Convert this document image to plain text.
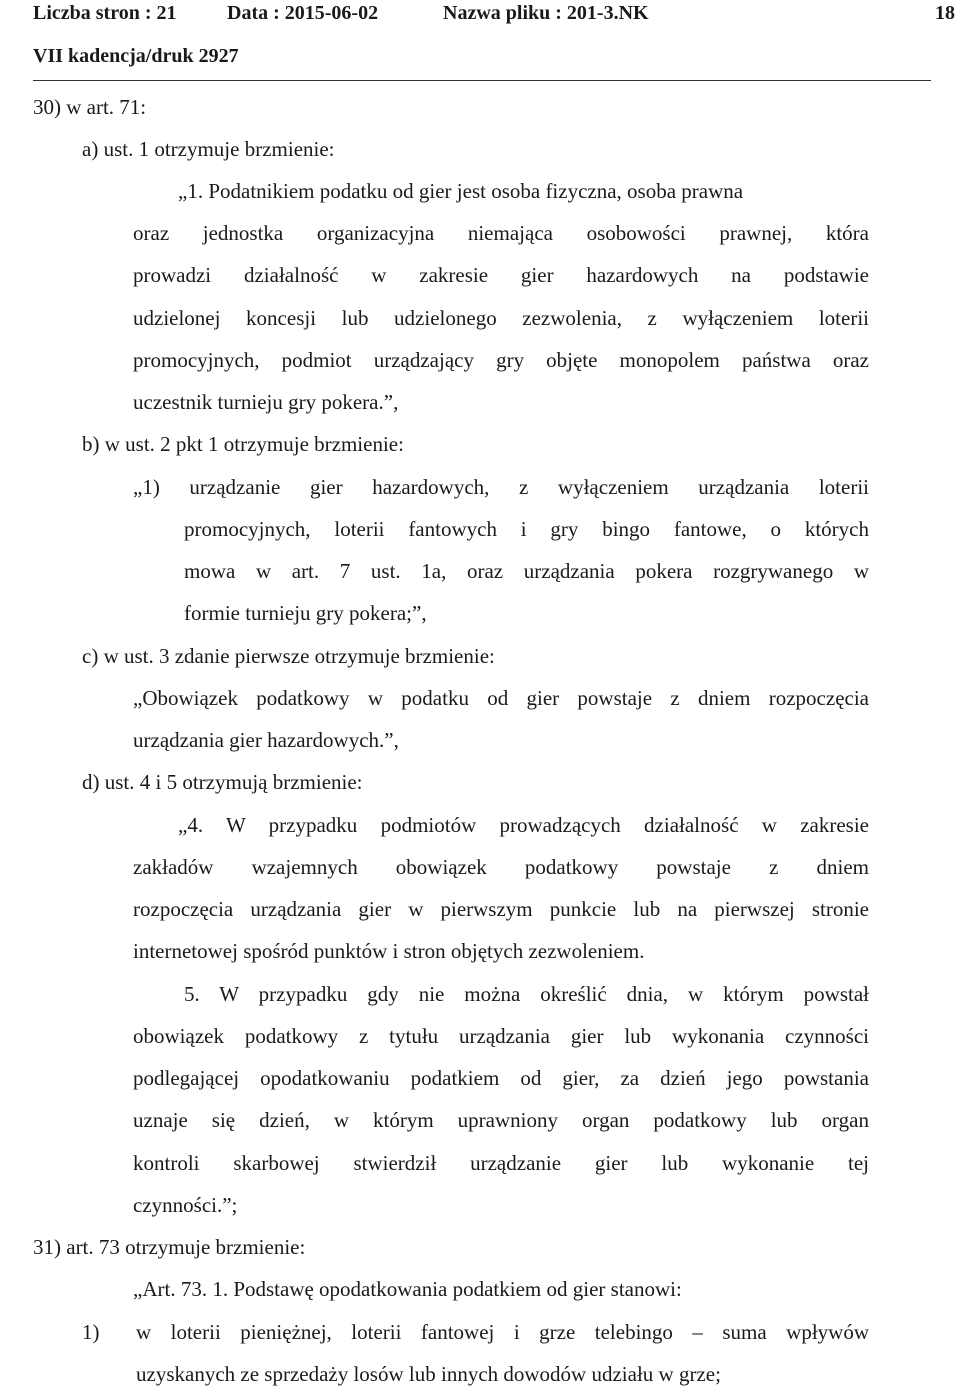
Liczba stron : 21	Data : 2015-06-02	Nazwa pliku : 201-3.NK	18
VII kadencja/druk 2927
30) w art. 71:
a) ust. 1 otrzymuje brzmienie:
„1. Podatnikiem podatku od gier jest osoba fizyczna, osoba prawna
oraz jednostka organizacyjna niemająca osobowości prawnej, która
prowadzi działalność w zakresie gier hazardowych na podstawie
udzielonej koncesji lub udzielonego zezwolenia, z wyłączeniem loterii
promocyjnych, podmiot urządzający gry objęte monopolem państwa oraz
uczestnik turnieju gry pokera.”,
b) w ust. 2 pkt 1 otrzymuje brzmienie:
„1) urządzanie gier hazardowych, z wyłączeniem urządzania loterii
promocyjnych, loterii fantowych i gry bingo fantowe, o których
mowa w art. 7 ust. 1a, oraz urządzania pokera rozgrywanego w
formie turnieju gry pokera;”,
c) w ust. 3 zdanie pierwsze otrzymuje brzmienie:
„Obowiązek podatkowy w podatku od gier powstaje z dniem rozpoczęcia
urządzania gier hazardowych.”,
d) ust. 4 i 5 otrzymują brzmienie:
„4. W przypadku podmiotów prowadzących działalność w zakresie
zakładów wzajemnych obowiązek podatkowy powstaje z dniem
rozpoczęcia urządzania gier w pierwszym punkcie lub na pierwszej stronie
internetowej spośród punktów i stron objętych zezwoleniem.
5. W przypadku gdy nie można określić dnia, w którym powstał
obowiązek podatkowy z tytułu urządzania gier lub wykonania czynności
podlegającej opodatkowaniu podatkiem od gier, za dzień jego powstania
uznaje się dzień, w którym uprawniony organ podatkowy lub organ
kontroli skarbowej stwierdził urządzanie gier lub wykonanie tej
czynności.”;
31) art. 73 otrzymuje brzmienie:
„Art. 73. 1. Podstawę opodatkowania podatkiem od gier stanowi:
1) w loterii pieniężnej, loterii fantowej i grze telebingo – suma wpływów
uzyskanych ze sprzedaży losów lub innych dowodów udziału w grze;
